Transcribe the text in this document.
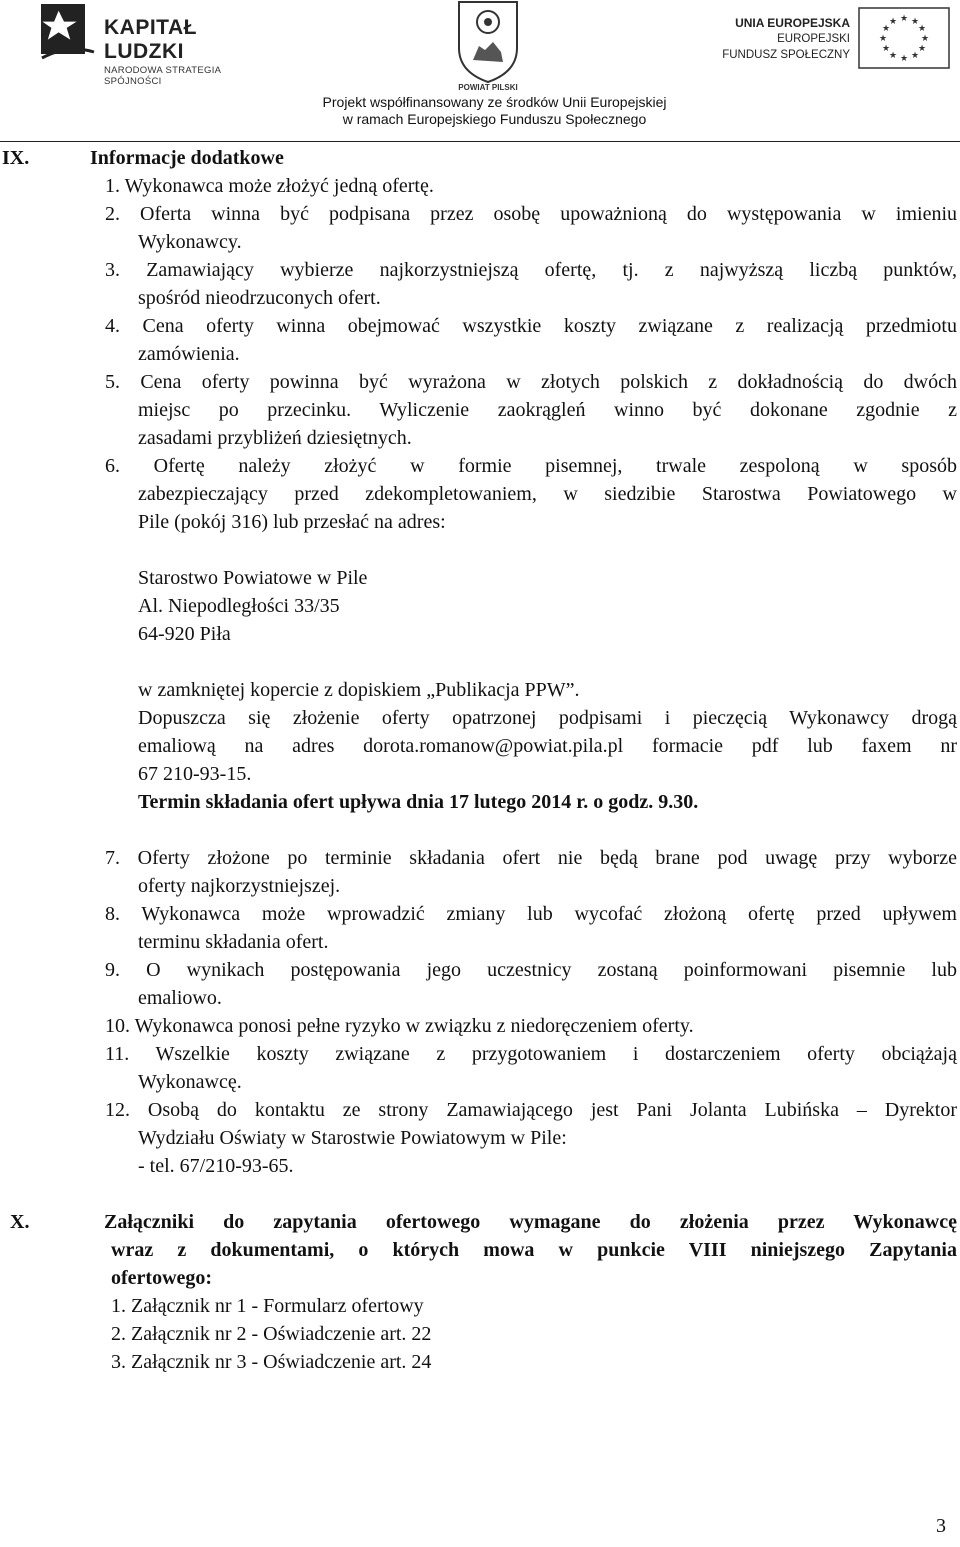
KAPITAŁ LUDZKI
NARODOWA STRATEGIA SPÓJNOŚCI
POWIAT PILSKI
UNIA EUROPEJSKA
EUROPEJSKI
FUNDUSZ SPOŁECZNY
★ ★
★
★
★
★
★
★
★
★
★
★
Projekt współfinansowany ze środków Unii Europejskiej
w ramach Europejskiego Funduszu Społecznego
IX.	Informacje dodatkowe
1. Wykonawca może złożyć jedną ofertę.
2. Oferta winna być podpisana przez osobę upoważnioną do występowania w imieniu
Wykonawcy.
3. Zamawiający wybierze najkorzystniejszą ofertę, tj. z najwyższą liczbą punktów,
spośród nieodrzuconych ofert.
4. Cena oferty winna obejmować wszystkie koszty związane z realizacją przedmiotu
zamówienia.
5. Cena oferty powinna być wyrażona w złotych polskich z dokładnością do dwóch
miejsc po przecinku. Wyliczenie zaokrągleń winno być dokonane zgodnie z
zasadami przybliżeń dziesiętnych.
6. Ofertę należy złożyć w formie pisemnej, trwale zespoloną w sposób
zabezpieczający przed zdekompletowaniem, w siedzibie Starostwa Powiatowego w
Pile (pokój 316) lub przesłać na adres:
Starostwo Powiatowe w Pile
Al. Niepodległości 33/35
64-920 Piła
w zamkniętej kopercie z dopiskiem „Publikacja PPW”.
Dopuszcza się złożenie oferty opatrzonej podpisami i pieczęcią Wykonawcy drogą
emaliową na adres dorota.romanow@powiat.pila.pl formacie pdf lub faxem nr
67 210-93-15.
Termin składania ofert upływa dnia 17 lutego 2014 r. o godz. 9.30.
7. Oferty złożone po terminie składania ofert nie będą brane pod uwagę przy wyborze
oferty najkorzystniejszej.
8. Wykonawca może wprowadzić zmiany lub wycofać złożoną ofertę przed upływem
terminu składania ofert.
9. O wynikach postępowania jego uczestnicy zostaną poinformowani pisemnie lub
emaliowo.
10. Wykonawca ponosi pełne ryzyko w związku z niedoręczeniem oferty.
11. Wszelkie koszty związane z przygotowaniem i dostarczeniem oferty obciążają
Wykonawcę.
12. Osobą do kontaktu ze strony Zamawiającego jest Pani Jolanta Lubińska – Dyrektor
Wydziału Oświaty w Starostwie Powiatowym w Pile:
- tel. 67/210-93-65.
X.	Załączniki do zapytania ofertowego wymagane do złożenia przez Wykonawcę
wraz z dokumentami, o których mowa w punkcie VIII niniejszego Zapytania
ofertowego:
1. Załącznik nr 1 - Formularz ofertowy
2. Załącznik nr 2 - Oświadczenie art. 22
3. Załącznik nr 3 - Oświadczenie art. 24
3
